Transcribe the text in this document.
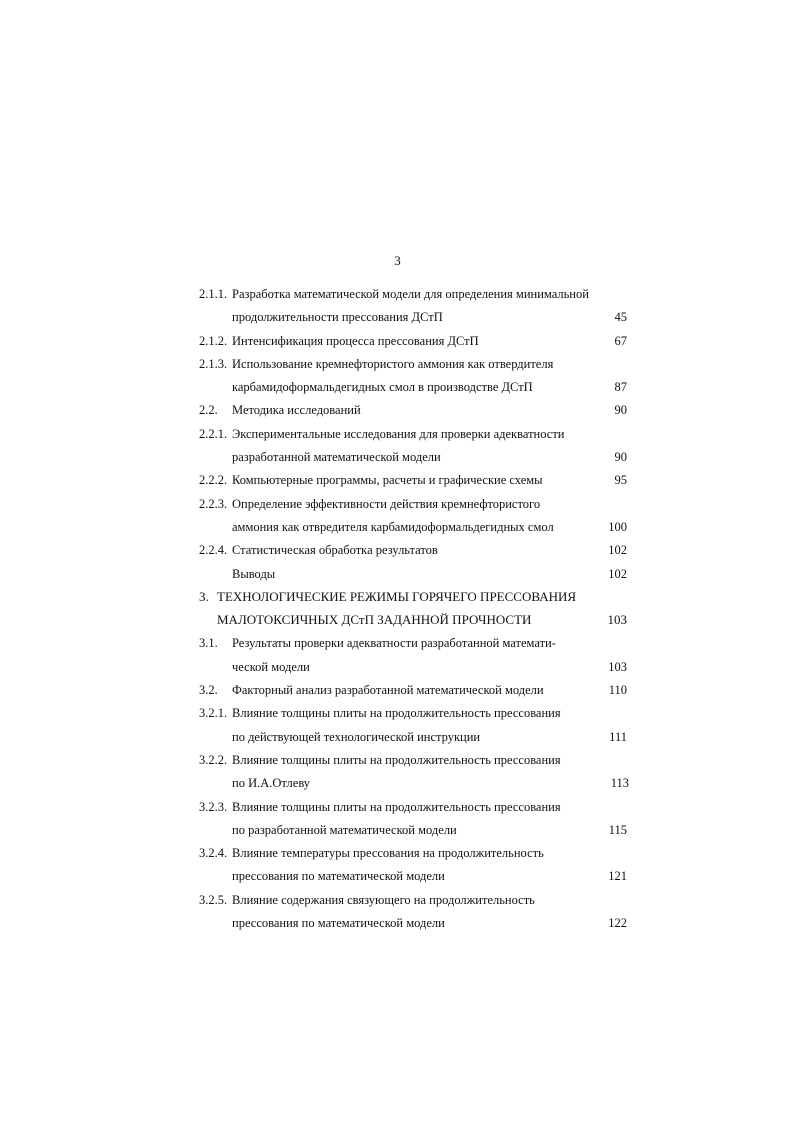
3
2.1.1. Разработка математической модели для определения минимальной
продолжительности прессования ДСтП	45
2.1.2. Интенсификация процесса прессования ДСтП	67
2.1.3. Использование кремнефтористого аммония как отвердителя
карбамидоформальдегидных смол в производстве ДСтП	87
2.2. Методика исследований	90
2.2.1. Экспериментальные исследования для проверки адекватности
разработанной математической модели	90
2.2.2. Компьютерные программы, расчеты и графические схемы	95
2.2.3. Определение эффективности действия кремнефтористого
аммония как отвредителя карбамидоформальдегидных смол	100
2.2.4. Статистическая обработка результатов	102
Выводы	102
3. ТЕХНОЛОГИЧЕСКИЕ РЕЖИМЫ ГОРЯЧЕГО ПРЕССОВАНИЯ
МАЛОТОКСИЧНЫХ ДСтП ЗАДАННОЙ ПРОЧНОСТИ	103
3.1. Результаты проверки адекватности разработанной математи-
ческой модели	103
3.2. Факторный анализ разработанной математической модели	110
3.2.1. Влияние толщины плиты на продолжительность прессования
по действующей технологической инструкции	111
3.2.2. Влияние толщины плиты на продолжительность прессования
по И.А.Отлеву	113
3.2.3. Влияние толщины плиты на продолжительность прессования
по разработанной математической модели	115
3.2.4. Влияние температуры прессования на продолжительность
прессования по математической модели	121
3.2.5. Влияние содержания связующего на продолжительность
прессования по математической модели	122
